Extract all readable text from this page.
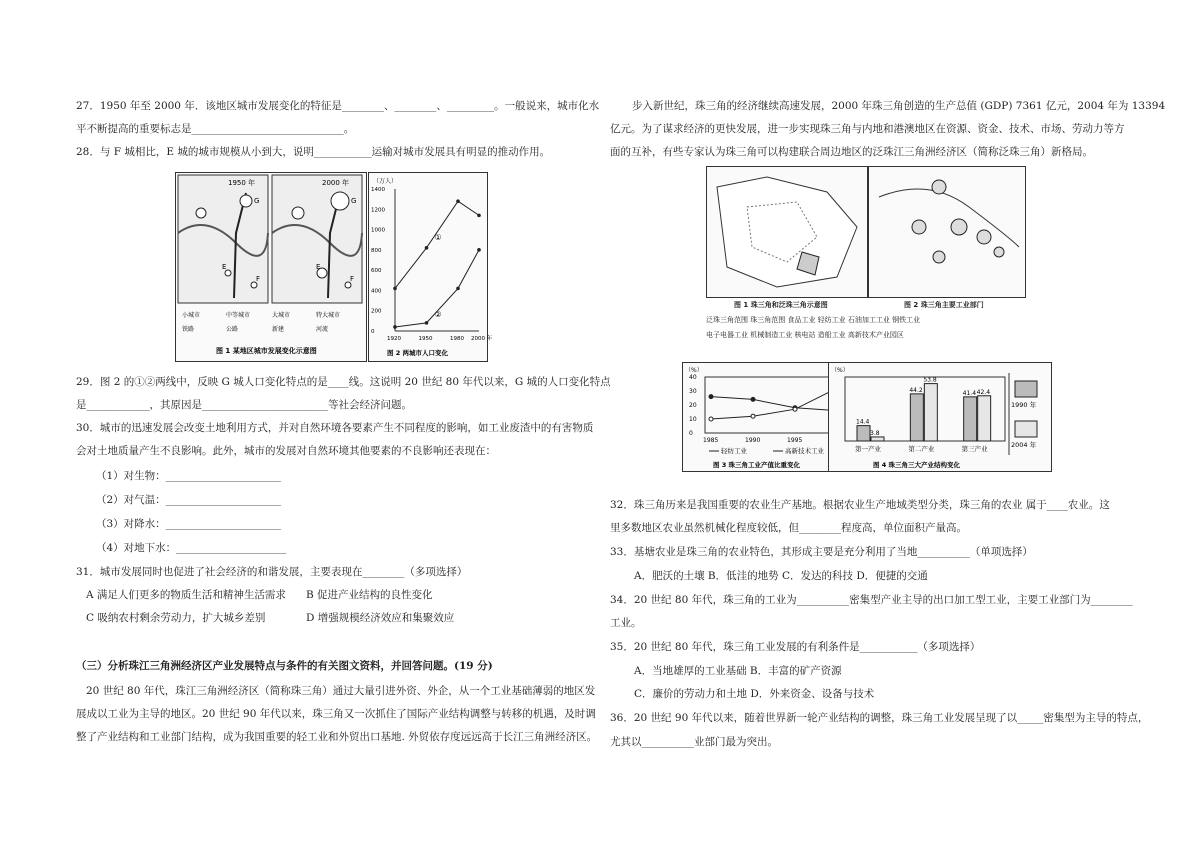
27．1950 年至 2000 年．该地区城市发展变化的特征是________、________、_________。一般说来，城市化水
平不断提高的重要标志是_____________________________。
28．与 F 城相比，E 城的城市规模从小到大，说明___________运输对城市发展具有明显的推动作用。
1950 年	2000 年
G	G
E	E
F	F
小城市	中等城市	大城市	特大城市
铁路	公路	新建	河流
图 1 某地区城市发展变化示意图
（万人）
图 2 两城市人口变化
1400
1200
1000
800
600
400
200
0
1920	1950	1980 2000 年
①
②
29．图 2 的①②两线中，反映 G 城人口变化特点的是____线。这说明 20 世纪 80 年代以来，G 城的人口变化特点
是____________，其原因是________________________等社会经济问题。
30．城市的迅速发展会改变土地利用方式，并对自然环境各要素产生不同程度的影响，如工业废渣中的有害物质
会对土地质量产生不良影响。此外，城市的发展对自然环境其他要素的不良影响还表现在：
（1）对生物：______________________
（2）对气温：______________________
（3）对降水：______________________
（4）对地下水：_____________________
31．城市发展同时也促进了社会经济的和谐发展，主要表现在________（多项选择）
A 满足人们更多的物质生活和精神生活需求 B 促进产业结构的良性变化
C 吸纳农村剩余劳动力，扩大城乡差别	D 增强规模经济效应和集聚效应
（三）分析珠江三角洲经济区产业发展特点与条件的有关图文资料，并回答问题。(19 分)
20 世纪 80 年代，珠江三角洲经济区（简称珠三角）通过大量引进外资、外企，从一个工业基础薄弱的地区发
展成以工业为主导的地区。20 世纪 90 年代以来，珠三角又一次抓住了国际产业结构调整与转移的机遇，及时调
整了产业结构和工业部门结构，成为我国重要的轻工业和外贸出口基地. 外贸依存度远远高于长江三角洲经济区。
步入新世纪，珠三角的经济继续高速发展，2000 年珠三角创造的生产总值 (GDP) 7361 亿元，2004 年为 13394
亿元。为了谋求经济的更快发展，进一步实现珠三角与内地和港澳地区在资源、资金、技术、市场、劳动力等方
面的互补，有些专家认为珠三角可以构建联合周边地区的泛珠江三角洲经济区（简称泛珠三角）新格局。
图 1 珠三角和泛珠三角示意图	图 2 珠三角主要工业部门
泛珠三角范围 珠三角范围 食品工业 轻纺工业 石油加工工业 钢铁工业
电子电器工业 机械制造工业 核电站 造船工业 高新技术产业园区
（%）
图 3 珠三角工业产值比重变化
40
30
20
10
0
1985	1990	1995
轻纺工业	高新技术工业
（%）
图 4 珠三角三大产业结构变化
14.4
3.8
第一产业
44.2
53.8
第二产业
41.4 42.4
第三产业
1990 年
2004 年
32．珠三角历来是我国重要的农业生产基地。根据农业生产地域类型分类，珠三角的农业 属于____农业。这
里多数地区农业虽然机械化程度较低，但________程度高，单位面积产量高。
33．基塘农业是珠三角的农业特色，其形成主要是充分利用了当地__________（单项选择）
A．肥沃的土壤 B．低洼的地势 C．发达的科技 D．便捷的交通
34．20 世纪 80 年代，珠三角的工业为__________密集型产业主导的出口加工型工业，主要工业部门为________
工业。
35．20 世纪 80 年代，珠三角工业发展的有利条件是___________（多项选择）
A．当地雄厚的工业基础 B．丰富的矿产资源
C．廉价的劳动力和土地 D．外来资金、设备与技术
36．20 世纪 90 年代以来，随着世界新一轮产业结构的调整，珠三角工业发展呈现了以_____密集型为主导的特点，
尤其以__________业部门最为突出。
